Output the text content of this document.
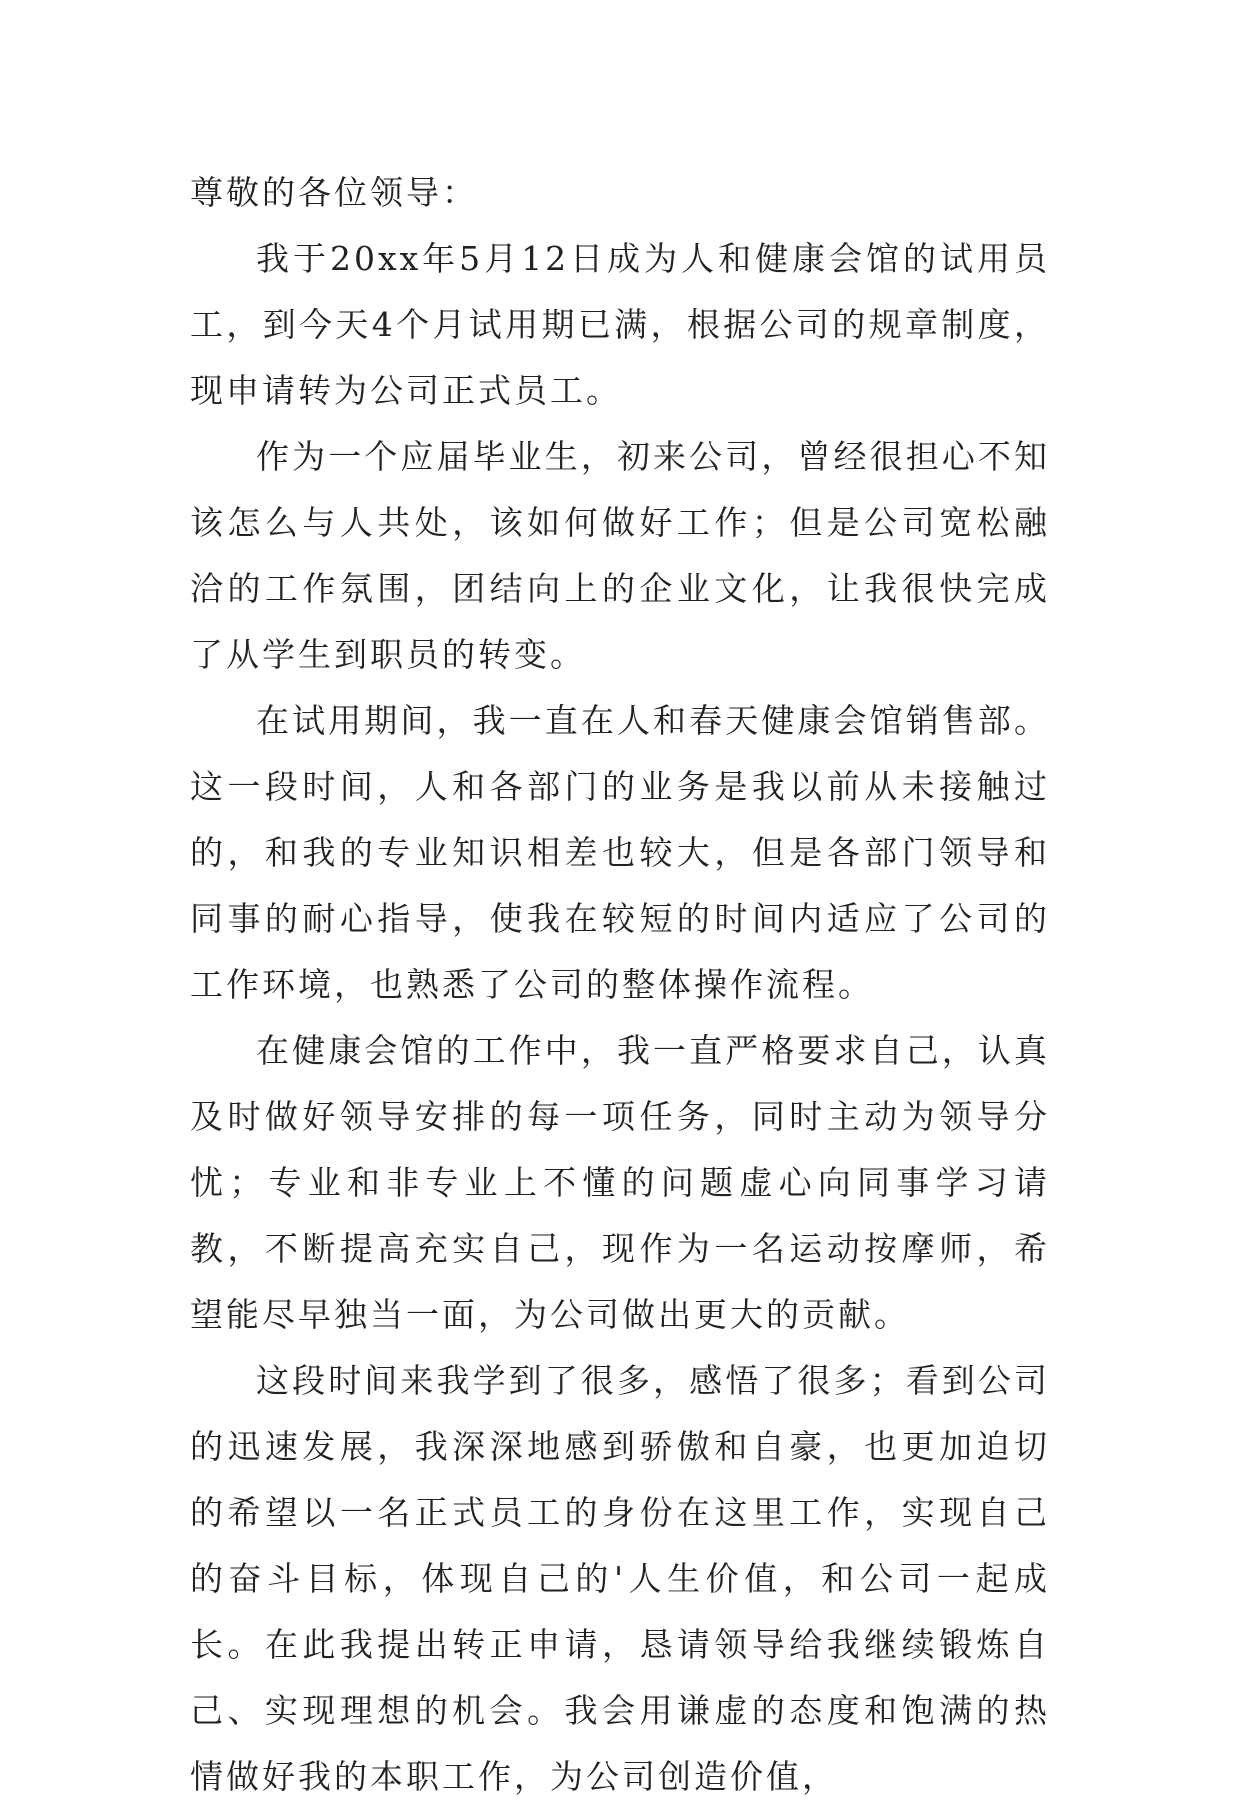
尊敬的各位领导：

我于20xx年5月12日成为人和健康会馆的试用员工，到今天4个月试用期已满，根据公司的规章制度，现申请转为公司正式员工。

作为一个应届毕业生，初来公司，曾经很担心不知该怎么与人共处，该如何做好工作；但是公司宽松融洽的工作氛围，团结向上的企业文化，让我很快完成了从学生到职员的转变。

在试用期间，我一直在人和春天健康会馆销售部。这一段时间，人和各部门的业务是我以前从未接触过的，和我的专业知识相差也较大，但是各部门领导和同事的耐心指导，使我在较短的时间内适应了公司的工作环境，也熟悉了公司的整体操作流程。

在健康会馆的工作中，我一直严格要求自己，认真及时做好领导安排的每一项任务，同时主动为领导分忧；专业和非专业上不懂的问题虚心向同事学习请教，不断提高充实自己，现作为一名运动按摩师，希望能尽早独当一面，为公司做出更大的贡献。

这段时间来我学到了很多，感悟了很多；看到公司的迅速发展，我深深地感到骄傲和自豪，也更加迫切的希望以一名正式员工的身份在这里工作，实现自己的奋斗目标，体现自己的'人生价值，和公司一起成长。在此我提出转正申请，恳请领导给我继续锻炼自己、实现理想的机会。我会用谦虚的态度和饱满的热情做好我的本职工作，为公司创造价值，
